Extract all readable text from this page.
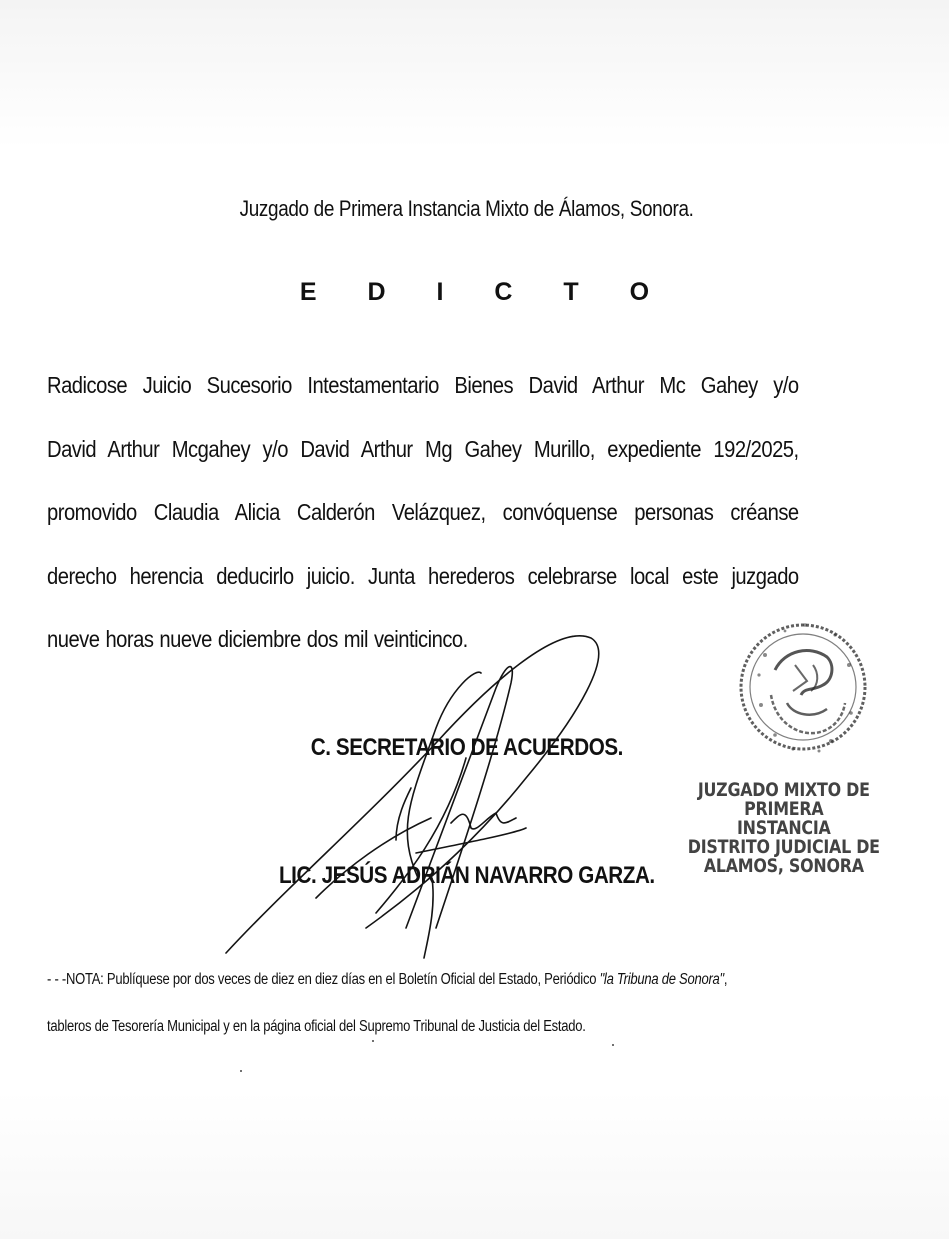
Juzgado de Primera Instancia Mixto de Álamos, Sonora.
E D I C T O
Radicose Juicio Sucesorio Intestamentario Bienes David Arthur Mc Gahey y/o
David Arthur Mcgahey y/o David Arthur Mg Gahey Murillo, expediente 192/2025,
promovido Claudia Alicia Calderón Velázquez, convóquense personas créanse
derecho herencia deducirlo juicio. Junta herederos celebrarse local este juzgado
nueve horas nueve diciembre dos mil veinticinco.
C. SECRETARIO DE ACUERDOS.
LIC. JESÚS ADRIÁN NAVARRO GARZA.
JUZGADO MIXTO DE PRIMERA
INSTANCIA
DISTRITO JUDICIAL DE
ALAMOS, SONORA
- - -NOTA: Publíquese por dos veces de diez en diez días en el Boletín Oficial del Estado, Periódico "la Tribuna de Sonora",
tableros de Tesorería Municipal y en la página oficial del Supremo Tribunal de Justicia del Estado.
